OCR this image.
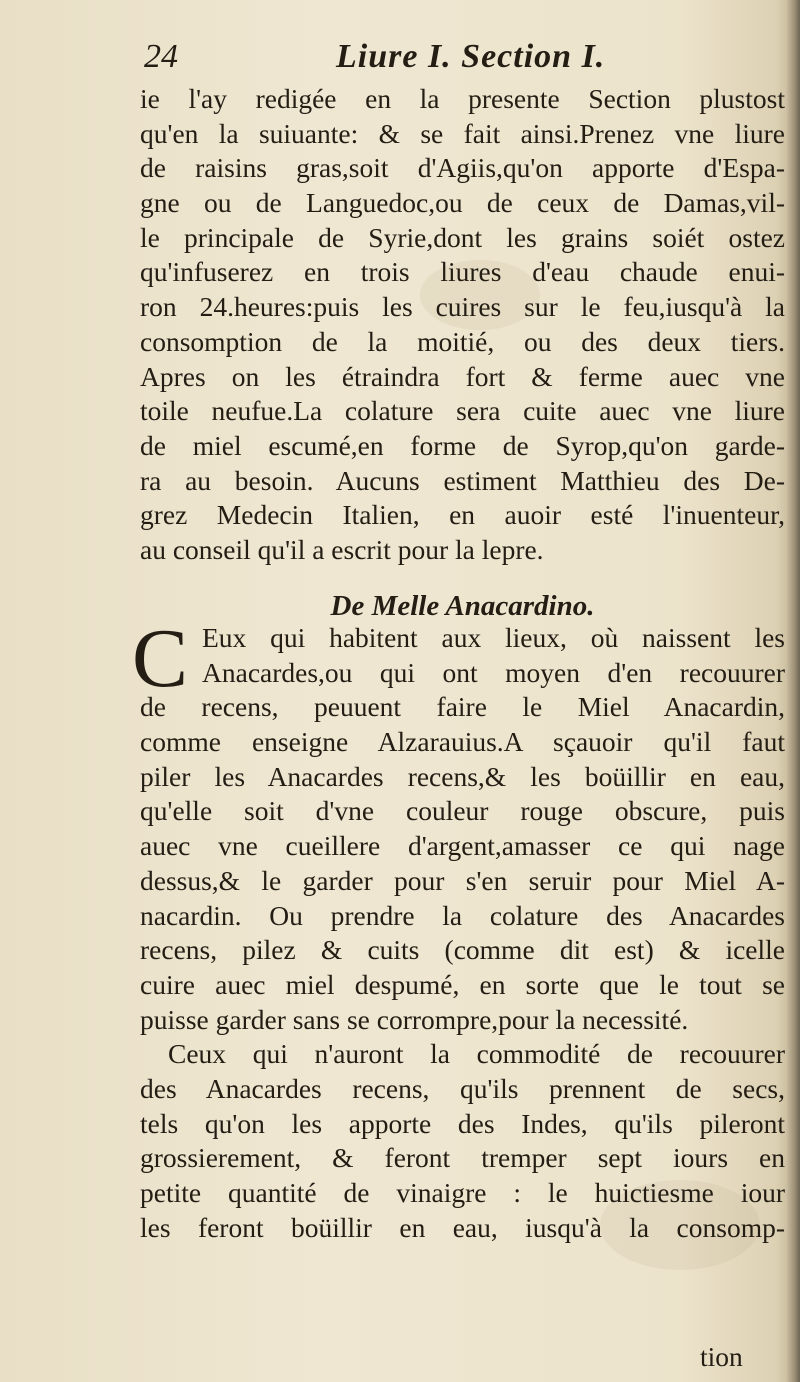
24	Liure I. Section I.
ie l'ay redigée en la presente Section plustost
qu'en la suiuante: & se fait ainsi.Prenez vne liure
de raisins gras,soit d'Agiis,qu'on apporte d'Espa-
gne ou de Languedoc,ou de ceux de Damas,vil-
le principale de Syrie,dont les grains soiét ostez
qu'infuserez en trois liures d'eau chaude enui-
ron 24.heures:puis les cuires sur le feu,iusqu'à la
consomption de la moitié, ou des deux tiers.
Apres on les étraindra fort & ferme auec vne
toile neufue.La colature sera cuite auec vne liure
de miel escumé,en forme de Syrop,qu'on garde-
ra au besoin. Aucuns estiment Matthieu des De-
grez Medecin Italien, en auoir esté l'inuenteur,
au conseil qu'il a escrit pour la lepre.
De Melle Anacardino.
C Eux qui habitent aux lieux, où naissent les
Anacardes,ou qui ont moyen d'en recouurer
de recens, peuuent faire le Miel Anacardin,
comme enseigne Alzarauius.A sçauoir qu'il faut
piler les Anacardes recens,& les boüillir en eau,
qu'elle soit d'vne couleur rouge obscure, puis
auec vne cueillere d'argent,amasser ce qui nage
dessus,& le garder pour s'en seruir pour Miel A-
nacardin. Ou prendre la colature des Anacardes
recens, pilez & cuits (comme dit est) & icelle
cuire auec miel despumé, en sorte que le tout se
puisse garder sans se corrompre,pour la necessité.
Ceux qui n'auront la commodité de recouurer
des Anacardes recens, qu'ils prennent de secs,
tels qu'on les apporte des Indes, qu'ils pileront
grossierement, & feront tremper sept iours en
petite quantité de vinaigre : le huictiesme iour
les feront boüillir en eau, iusqu'à la consomp-
tion
